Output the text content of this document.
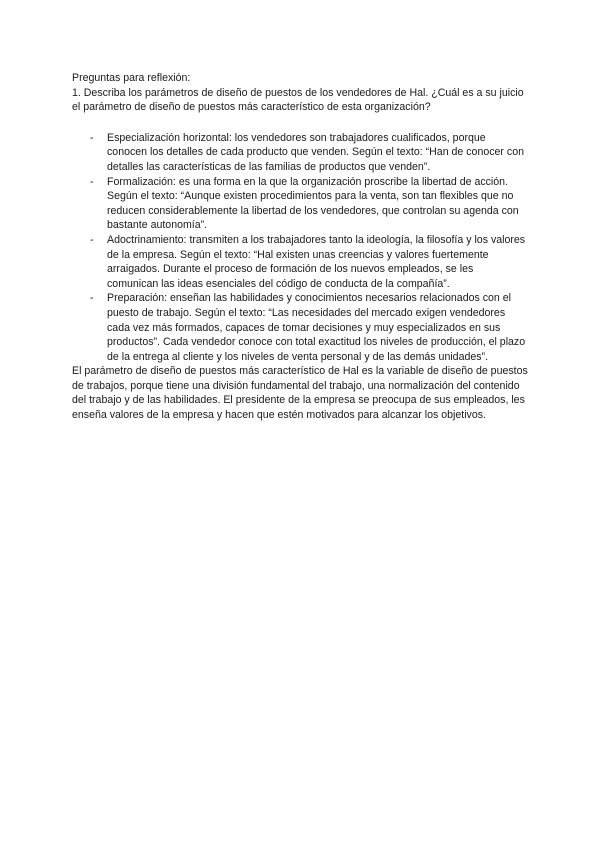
Preguntas para reflexión:

1. Describa los parámetros de diseño de puestos de los vendedores de Hal. ¿Cuál es a su juicio el parámetro de diseño de puestos más característico de esta organización?

- Especialización horizontal: los vendedores son trabajadores cualificados, porque conocen los detalles de cada producto que venden. Según el texto: “Han de conocer con detalles las características de las familias de productos que venden”.
- Formalización: es una forma en la que la organización proscribe la libertad de acción. Según el texto: “Aunque existen procedimientos para la venta, son tan flexibles que no reducen considerablemente la libertad de los vendedores, que controlan su agenda con bastante autonomía”.
- Adoctrinamiento: transmiten a los trabajadores tanto la ideología, la filosofía y los valores de la empresa. Según el texto: “Hal existen unas creencias y valores fuertemente arraigados. Durante el proceso de formación de los nuevos empleados, se les comunican las ideas esenciales del código de conducta de la compañía”.
- Preparación: enseñan las habilidades y conocimientos necesarios relacionados con el puesto de trabajo. Según el texto: “Las necesidades del mercado exigen vendedores cada vez más formados, capaces de tomar decisiones y muy especializados en sus productos”. Cada vendedor conoce con total exactitud los niveles de producción, el plazo de la entrega al cliente y los niveles de venta personal y de las demás unidades”.

El parámetro de diseño de puestos más característico de Hal es la variable de diseño de puestos de trabajos, porque tiene una división fundamental del trabajo, una normalización del contenido del trabajo y de las habilidades. El presidente de la empresa se preocupa de sus empleados, les enseña valores de la empresa y hacen que estén motivados para alcanzar los objetivos.
